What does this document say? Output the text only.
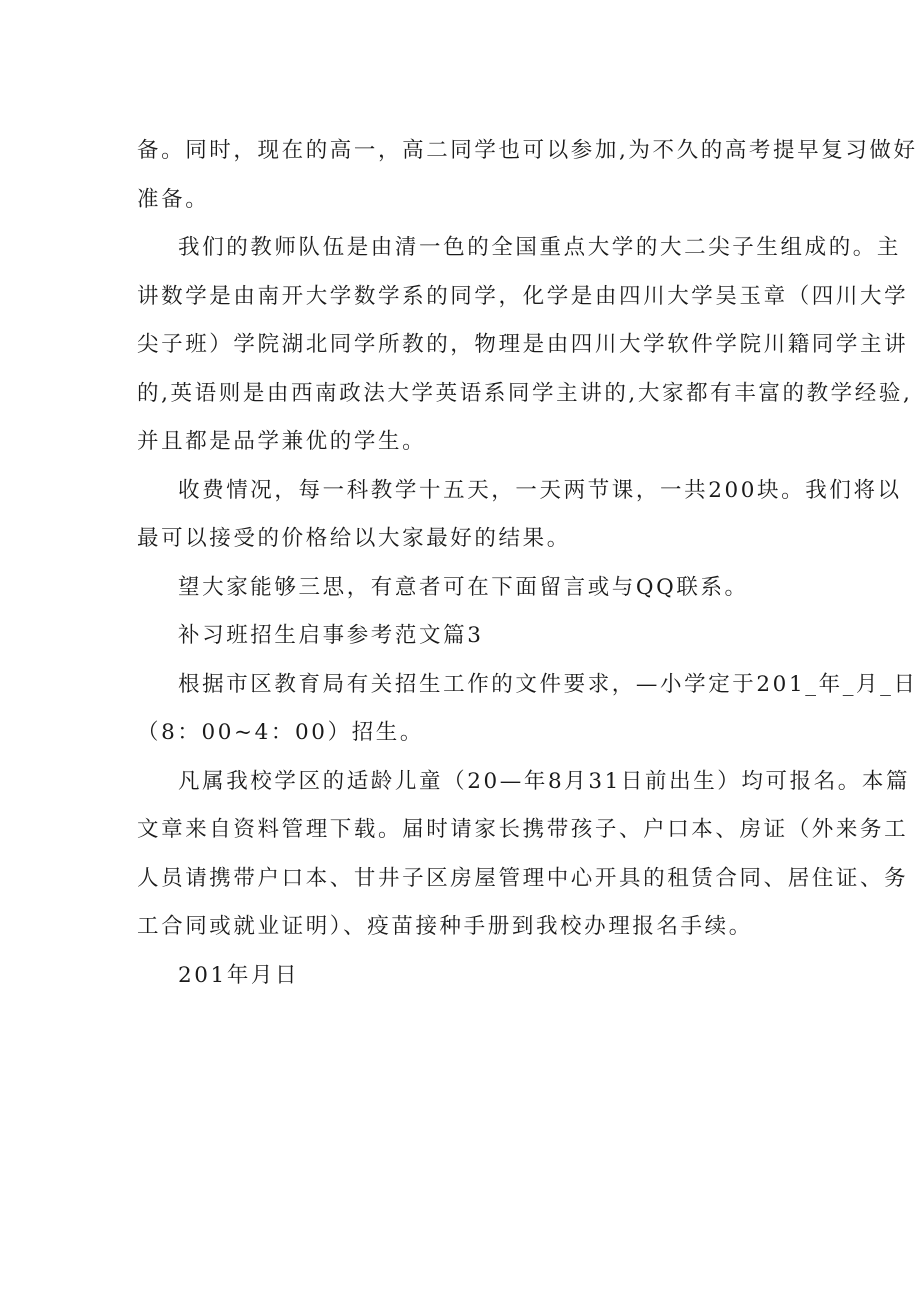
备。同时，现在的高一，高二同学也可以参加,为不久的高考提早复习做好
准备。
我们的教师队伍是由清一色的全国重点大学的大二尖子生组成的。主
讲数学是由南开大学数学系的同学，化学是由四川大学吴玉章（四川大学
尖子班）学院湖北同学所教的，物理是由四川大学软件学院川籍同学主讲
的,英语则是由西南政法大学英语系同学主讲的,大家都有丰富的教学经验,
并且都是品学兼优的学生。
收费情况，每一科教学十五天，一天两节课，一共200块。我们将以
最可以接受的价格给以大家最好的结果。
望大家能够三思，有意者可在下面留言或与QQ联系。
补习班招生启事参考范文篇3
根据市区教育局有关招生工作的文件要求，—小学定于201_年_月_日
（8：00~4：00）招生。
凡属我校学区的适龄儿童（20—年8月31日前出生）均可报名。本篇
文章来自资料管理下载。届时请家长携带孩子、户口本、房证（外来务工
人员请携带户口本、甘井子区房屋管理中心开具的租赁合同、居住证、务
工合同或就业证明）、疫苗接种手册到我校办理报名手续。
201年月日
